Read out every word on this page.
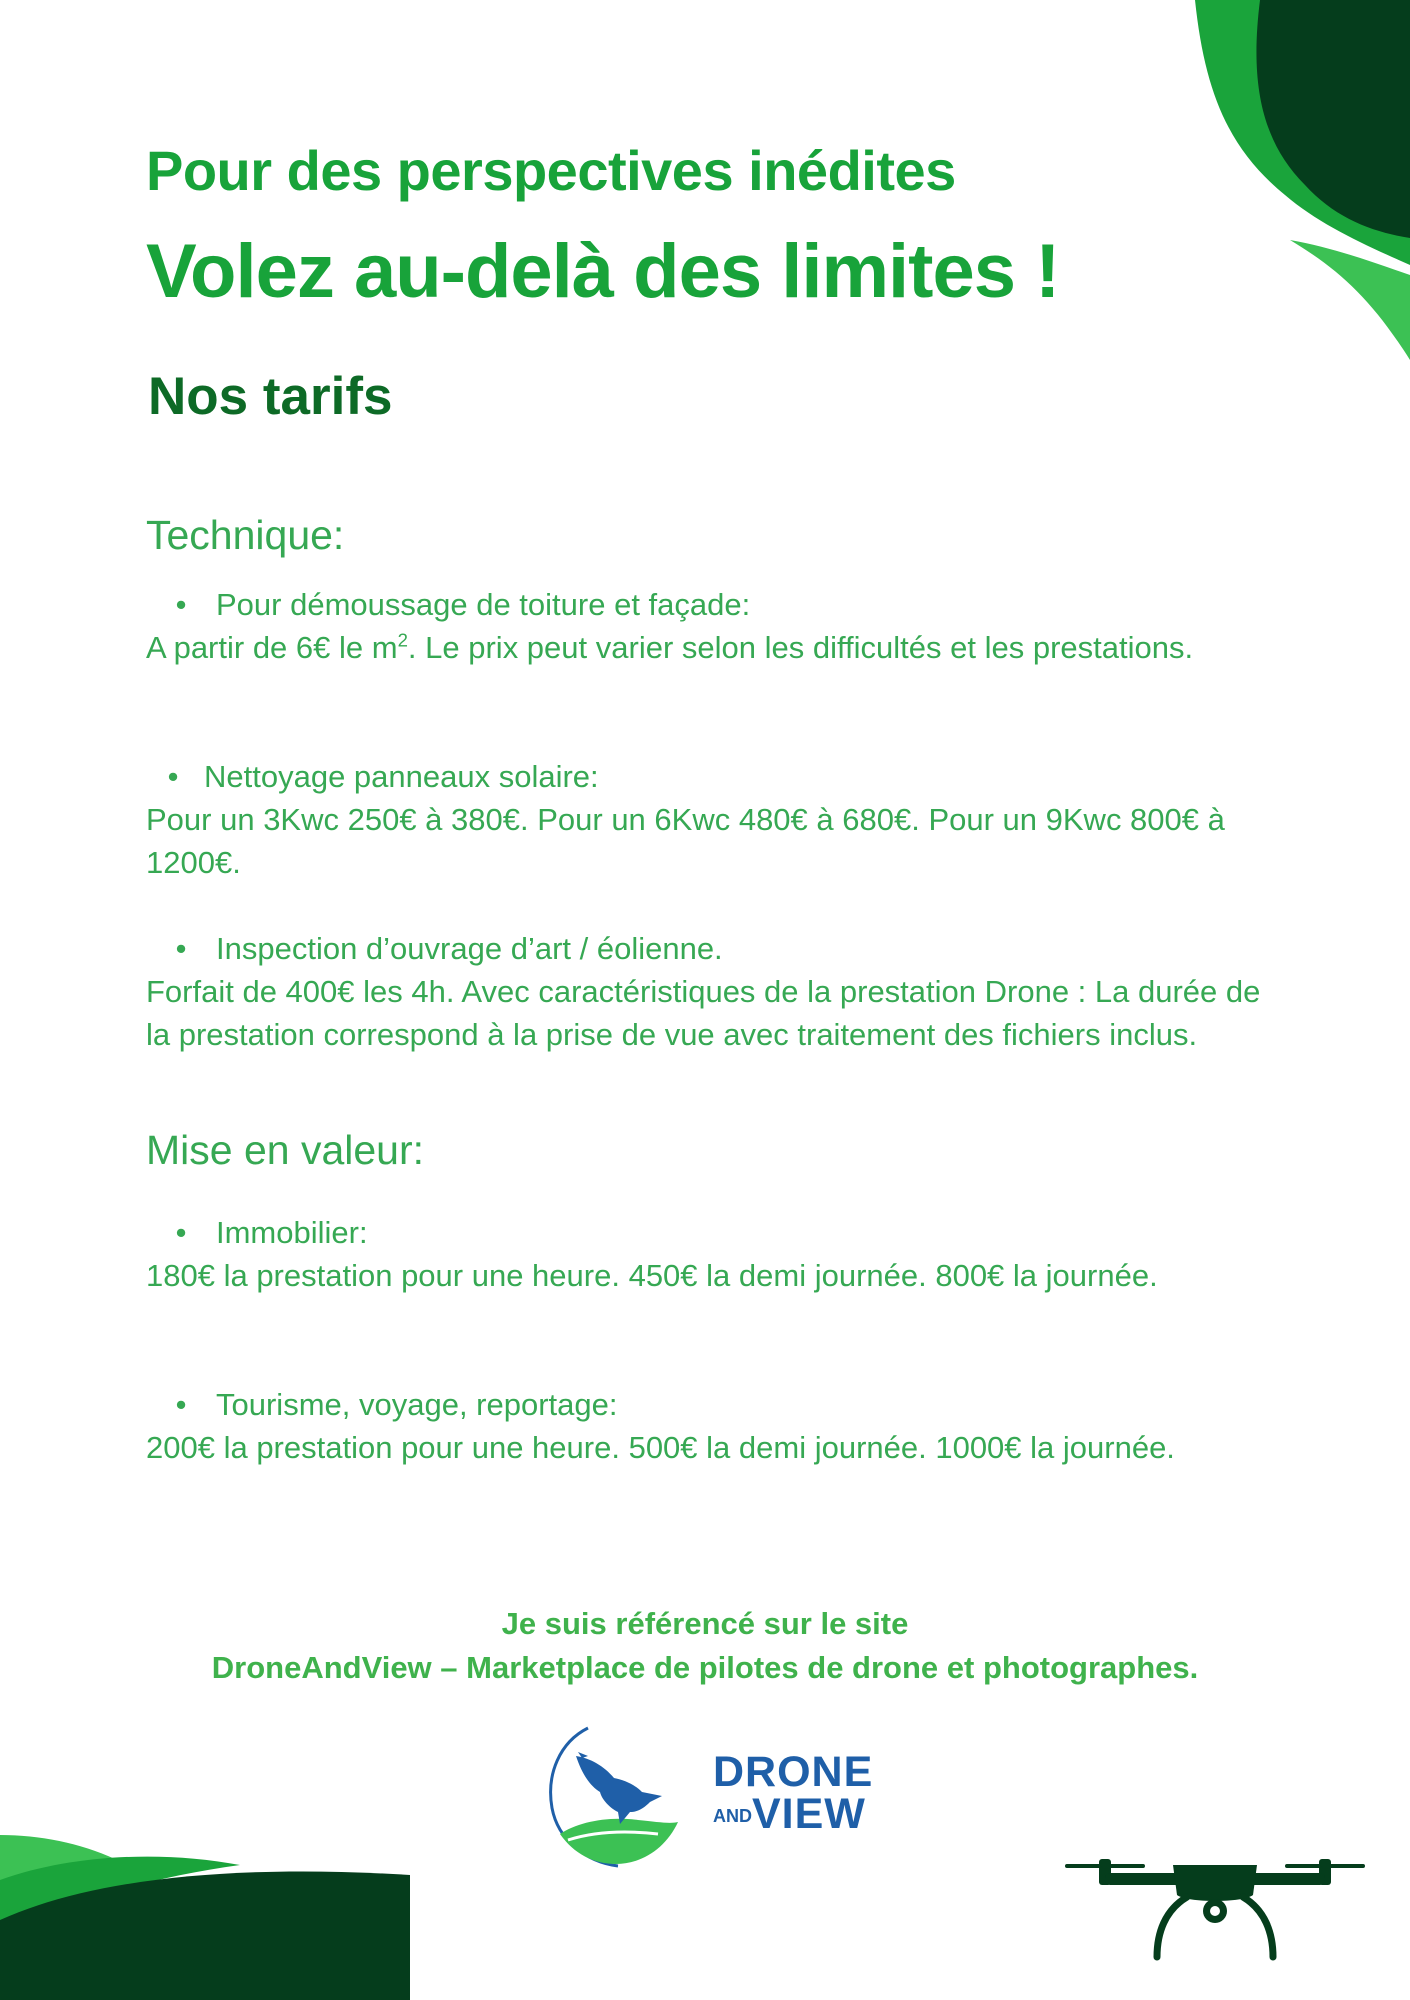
Pour des perspectives inédites
Volez au-delà des limites !
Nos tarifs
Technique:
• Pour démoussage de toiture et façade:

A partir de 6€ le $m^2$. Le prix peut varier selon les difficultés et les prestations.

• Nettoyage panneaux solaire:

Pour un 3Kwc 250€ à 380€. Pour un 6Kwc 480€ à 680€. Pour un 9Kwc 800€ à 1200€.

• Inspection d’ouvrage d’art / éolienne.

Forfait de 400€ les 4h. Avec caractéristiques de la prestation Drone : La durée de la prestation correspond à la prise de vue avec traitement des fichiers inclus.

Mise en valeur:
• Immobilier:

180€ la prestation pour une heure. 450€ la demi journée. 800€ la journée.

• Tourisme, voyage, reportage:

200€ la prestation pour une heure. 500€ la demi journée. 1000€ la journée.

Je suis référencé sur le site
DroneAndView – Marketplace de pilotes de drone et photographes.
DRONE
ANDVIEW
